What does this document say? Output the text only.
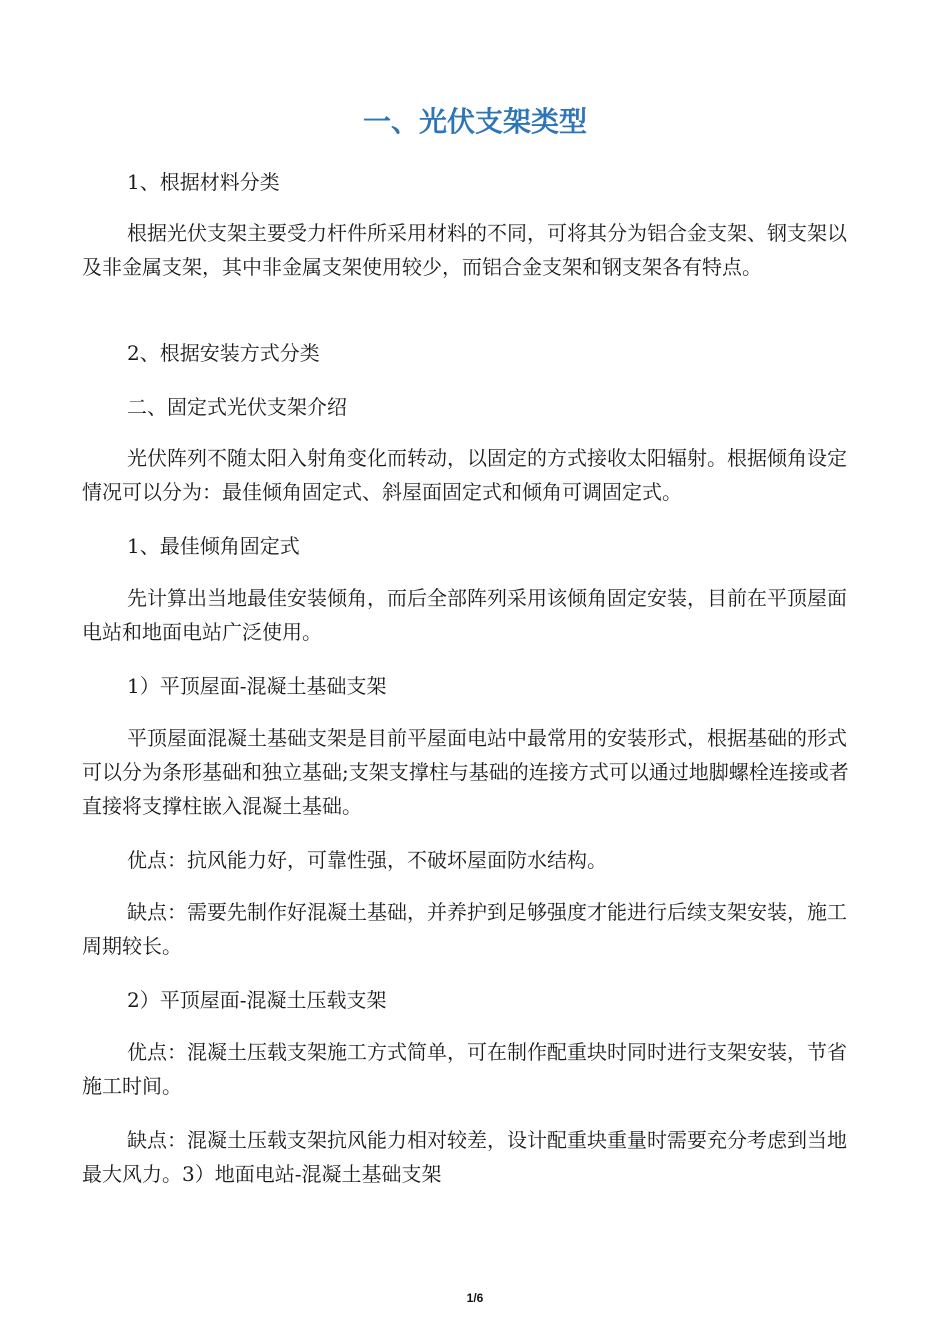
一、光伏支架类型

1、根据材料分类

根据光伏支架主要受力杆件所采用材料的不同，可将其分为铝合金支架、钢支架以及非金属支架，其中非金属支架使用较少，而铝合金支架和钢支架各有特点。

2、根据安装方式分类

二、固定式光伏支架介绍

光伏阵列不随太阳入射角变化而转动，以固定的方式接收太阳辐射。根据倾角设定情况可以分为：最佳倾角固定式、斜屋面固定式和倾角可调固定式。

1、最佳倾角固定式

先计算出当地最佳安装倾角，而后全部阵列采用该倾角固定安装，目前在平顶屋面电站和地面电站广泛使用。

1）平顶屋面-混凝土基础支架

平顶屋面混凝土基础支架是目前平屋面电站中最常用的安装形式，根据基础的形式可以分为条形基础和独立基础;支架支撑柱与基础的连接方式可以通过地脚螺栓连接或者直接将支撑柱嵌入混凝土基础。

优点：抗风能力好，可靠性强，不破坏屋面防水结构。

缺点：需要先制作好混凝土基础，并养护到足够强度才能进行后续支架安装，施工周期较长。

2）平顶屋面-混凝土压载支架

优点：混凝土压载支架施工方式简单，可在制作配重块时同时进行支架安装，节省施工时间。

缺点：混凝土压载支架抗风能力相对较差，设计配重块重量时需要充分考虑到当地最大风力。3）地面电站-混凝土基础支架

1/6
